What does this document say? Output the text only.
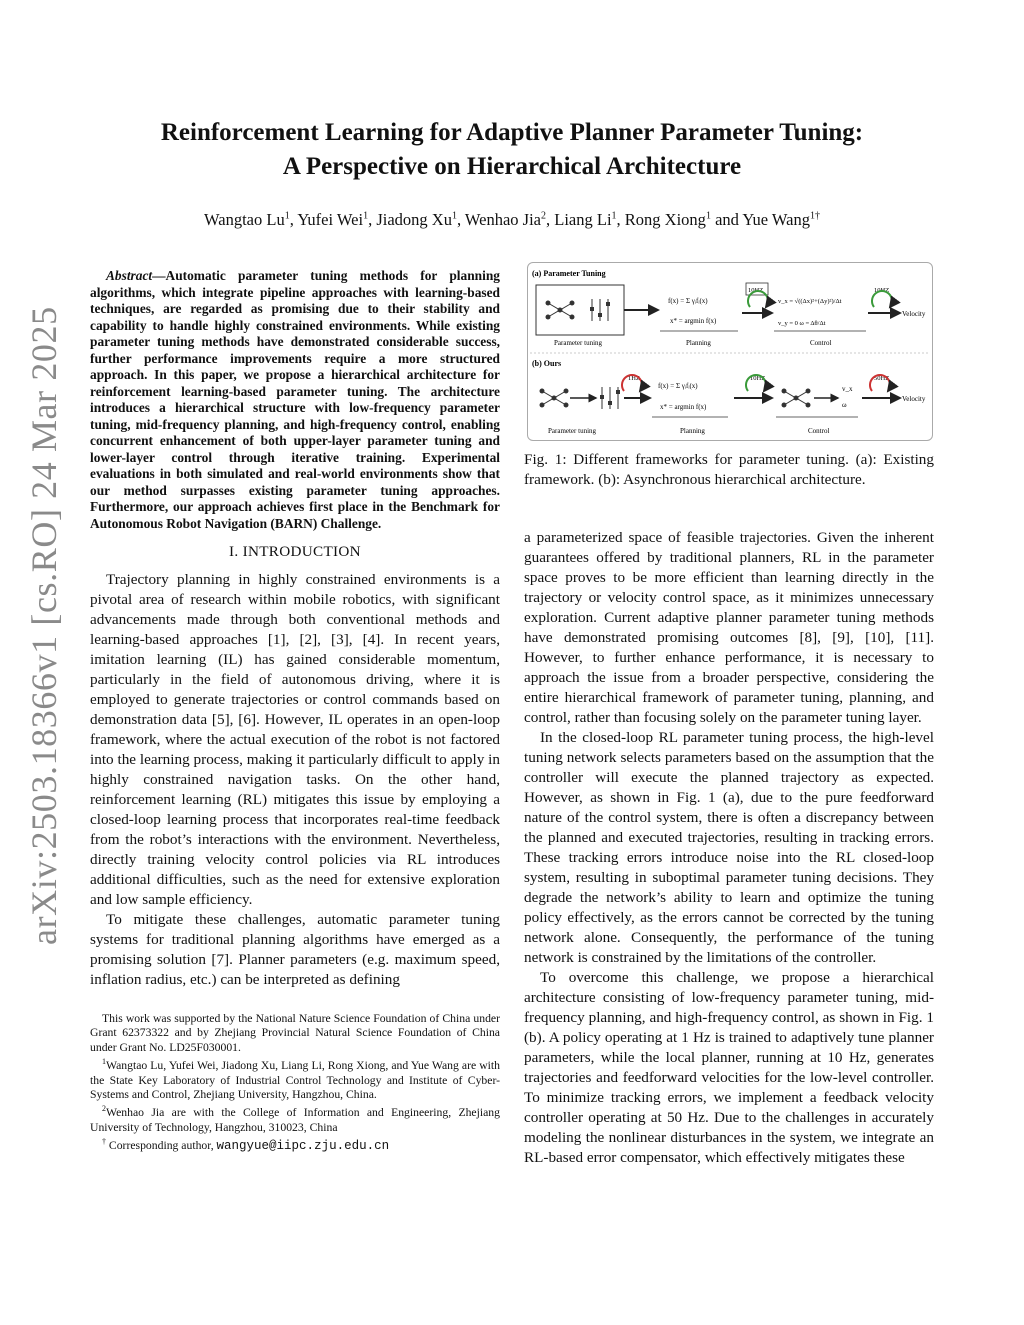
arXiv:2503.18366v1 [cs.RO] 24 Mar 2025
Reinforcement Learning for Adaptive Planner Parameter Tuning:
A Perspective on Hierarchical Architecture
Wangtao Lu$^1$, Yufei Wei$^1$, Jiadong Xu$^1$, Wenhao Jia$^2$, Liang Li$^1$, Rong Xiong$^1$ and Yue Wang$^{1\dagger}$

Abstract—Automatic parameter tuning methods for planning algorithms, which integrate pipeline approaches with learning-based techniques, are regarded as promising due to their stability and capability to handle highly constrained environments. While existing parameter tuning methods have demonstrated considerable success, further performance improvements require a more structured approach. In this paper, we propose a hierarchical architecture for reinforcement learning-based parameter tuning. The architecture introduces a hierarchical structure with low-frequency parameter tuning, mid-frequency planning, and high-frequency control, enabling concurrent enhancement of both upper-layer parameter tuning and lower-layer control through iterative training. Experimental evaluations in both simulated and real-world environments show that our method surpasses existing parameter tuning approaches. Furthermore, our approach achieves first place in the Benchmark for Autonomous Robot Navigation (BARN) Challenge.

I. INTRODUCTION

Trajectory planning in highly constrained environments is a pivotal area of research within mobile robotics, with significant advancements made through both conventional methods and learning-based approaches [1], [2], [3], [4]. In recent years, imitation learning (IL) has gained considerable momentum, particularly in the field of autonomous driving, where it is employed to generate trajectories or control commands based on demonstration data [5], [6]. However, IL operates in an open-loop framework, where the actual execution of the robot is not factored into the learning process, making it particularly difficult to apply in highly constrained navigation tasks. On the other hand, reinforcement learning (RL) mitigates this issue by employing a closed-loop learning process that incorporates real-time feedback from the robot’s interactions with the environment. Nevertheless, directly training velocity control policies via RL introduces additional difficulties, such as the need for extensive exploration and low sample efficiency.

To mitigate these challenges, automatic parameter tuning systems for traditional planning algorithms have emerged as a promising solution [7]. Planner parameters (e.g. maximum speed, inflation radius, etc.) can be interpreted as defining

This work was supported by the National Nature Science Foundation of China under Grant 62373322 and by Zhejiang Provincial Natural Science Foundation of China under Grant No. LD25F030001.

$^1$Wangtao Lu, Yufei Wei, Jiadong Xu, Liang Li, Rong Xiong, and Yue Wang are with the State Key Laboratory of Industrial Control Technology and Institute of Cyber-Systems and Control, Zhejiang University, Hangzhou, China.

$^2$Wenhao Jia are with the College of Information and Engineering, Zhejiang University of Technology, Hangzhou, 310023, China

† Corresponding author, wangyue@iipc.zju.edu.cn

(a) Parameter Tuning
Parameter tuning
f(x) = Σ γᵢfᵢ(x)
x* = argmin f(x)
Planning
10HZ
v_x = √((Δx)²+(Δy)²)/Δt
v_y = 0 ω = Δθ/Δt
Control
10HZ
Velocity
(b) Ours
1HZ
Parameter tuning
f(x) = Σ γᵢfᵢ(x)
x* = argmin f(x)
Planning
10HZ
v_x
ω
Control
50HZ
Velocity
Fig. 1: Different frameworks for parameter tuning. (a): Existing framework. (b): Asynchronous hierarchical architecture.

a parameterized space of feasible trajectories. Given the inherent guarantees offered by traditional planners, RL in the parameter space proves to be more efficient than learning directly in the trajectory or velocity control space, as it minimizes unnecessary exploration. Current adaptive planner parameter tuning methods have demonstrated promising outcomes [8], [9], [10], [11]. However, to further enhance performance, it is necessary to approach the issue from a broader perspective, considering the entire hierarchical framework of parameter tuning, planning, and control, rather than focusing solely on the parameter tuning layer.

In the closed-loop RL parameter tuning process, the high-level tuning network selects parameters based on the assumption that the controller will execute the planned trajectory as expected. However, as shown in Fig. 1 (a), due to the pure feedforward nature of the control system, there is often a discrepancy between the planned and executed trajectories, resulting in tracking errors. These tracking errors introduce noise into the RL closed-loop system, resulting in suboptimal parameter tuning decisions. They degrade the network’s ability to learn and optimize the tuning policy effectively, as the errors cannot be corrected by the tuning network alone. Consequently, the performance of the tuning network is constrained by the limitations of the controller.

To overcome this challenge, we propose a hierarchical architecture consisting of low-frequency parameter tuning, mid-frequency planning, and high-frequency control, as shown in Fig. 1 (b). A policy operating at 1 Hz is trained to adaptively tune planner parameters, while the local planner, running at 10 Hz, generates trajectories and feedforward velocities for the low-level controller. To minimize tracking errors, we implement a feedback velocity controller operating at 50 Hz. Due to the challenges in accurately modeling the nonlinear disturbances in the system, we integrate an RL-based error compensator, which effectively mitigates these
